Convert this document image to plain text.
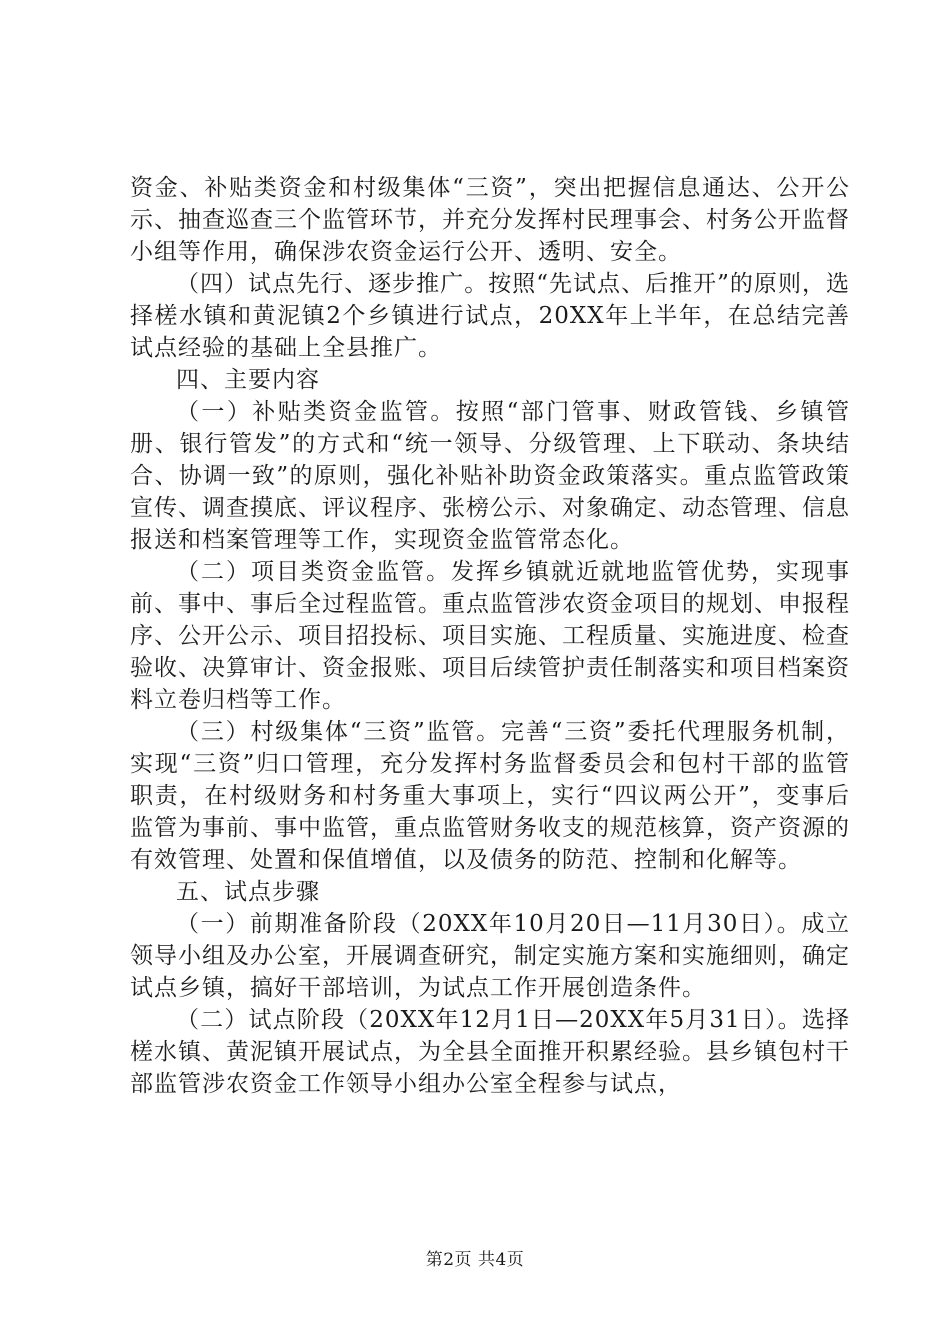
资金、补贴类资金和村级集体“三资”，突出把握信息通达、公开公示、抽查巡查三个监管环节，并充分发挥村民理事会、村务公开监督小组等作用，确保涉农资金运行公开、透明、安全。

（四）试点先行、逐步推广。按照“先试点、后推开”的原则，选择槎水镇和黄泥镇2个乡镇进行试点，20XX年上半年，在总结完善试点经验的基础上全县推广。

四、主要内容

（一）补贴类资金监管。按照“部门管事、财政管钱、乡镇管册、银行管发”的方式和“统一领导、分级管理、上下联动、条块结合、协调一致”的原则，强化补贴补助资金政策落实。重点监管政策宣传、调查摸底、评议程序、张榜公示、对象确定、动态管理、信息报送和档案管理等工作，实现资金监管常态化。

（二）项目类资金监管。发挥乡镇就近就地监管优势，实现事前、事中、事后全过程监管。重点监管涉农资金项目的规划、申报程序、公开公示、项目招投标、项目实施、工程质量、实施进度、检查验收、决算审计、资金报账、项目后续管护责任制落实和项目档案资料立卷归档等工作。

（三）村级集体“三资”监管。完善“三资”委托代理服务机制，实现“三资”归口管理，充分发挥村务监督委员会和包村干部的监管职责，在村级财务和村务重大事项上，实行“四议两公开”，变事后监管为事前、事中监管，重点监管财务收支的规范核算，资产资源的有效管理、处置和保值增值，以及债务的防范、控制和化解等。

五、试点步骤

（一）前期准备阶段（20XX年10月20日—11月30日）。成立领导小组及办公室，开展调查研究，制定实施方案和实施细则，确定试点乡镇，搞好干部培训，为试点工作开展创造条件。

（二）试点阶段（20XX年12月1日—20XX年5月31日）。选择槎水镇、黄泥镇开展试点，为全县全面推开积累经验。县乡镇包村干部监管涉农资金工作领导小组办公室全程参与试点，

第2页 共4页
